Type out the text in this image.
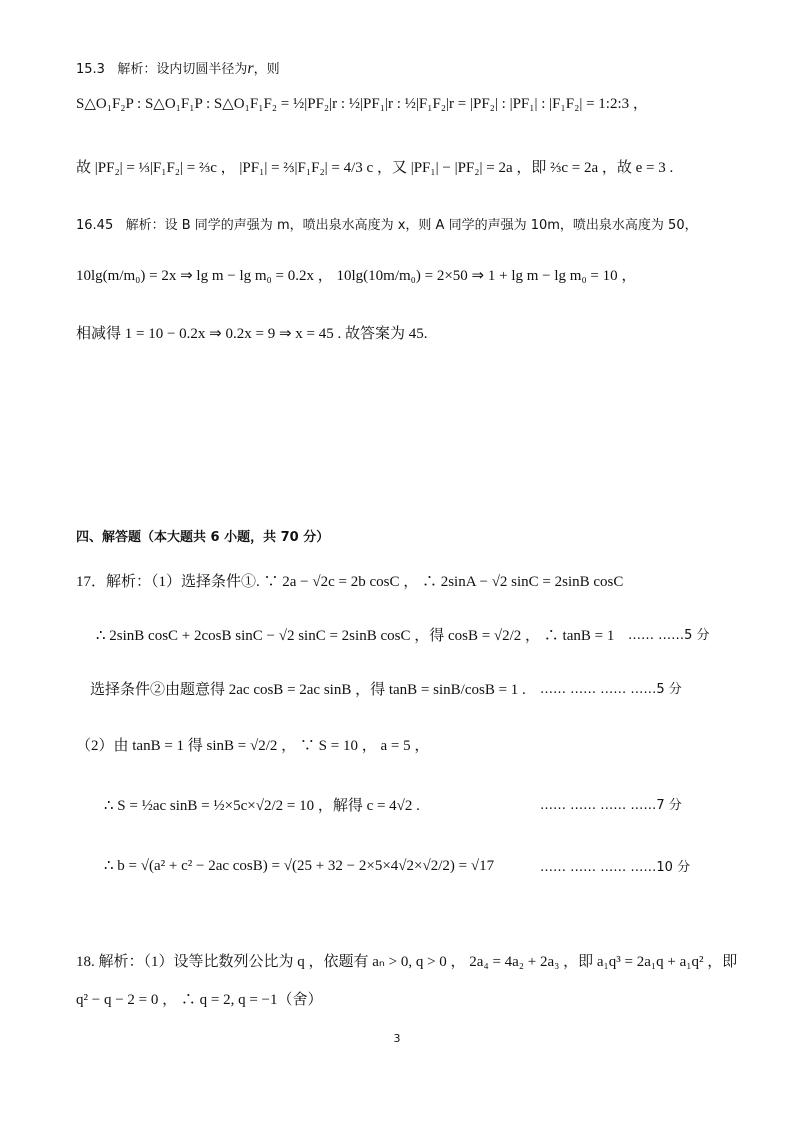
15.3 解析：设内切圆半径为r，则
S△O₁F₂P : S△O₁F₁P : S△O₁F₁F₂ = ½|PF₂|r : ½|PF₁|r : ½|F₁F₂|r = |PF₂| : |PF₁| : |F₁F₂| = 1:2:3 ，
故 |PF₂| = ⅓|F₁F₂| = ⅔c ， |PF₁| = ⅔|F₁F₂| = 4/3 c ，又 |PF₁| − |PF₂| = 2a ，即 ⅔c = 2a ，故 e = 3 .
16.45 解析：设 B 同学的声强为 m，喷出泉水高度为 x，则 A 同学的声强为 10m，喷出泉水高度为 50，
10lg(m/m₀) = 2x ⇒ lg m − lg m₀ = 0.2x ， 10lg(10m/m₀) = 2×50 ⇒ 1 + lg m − lg m₀ = 10 ，
相减得 1 = 10 − 0.2x ⇒ 0.2x = 9 ⇒ x = 45 . 故答案为 45.
四、解答题（本大题共 6 小题，共 70 分）
17．解析：（1）选择条件①. ∵ 2a − √2c = 2b cosC ， ∴ 2sinA − √2 sinC = 2sinB cosC
∴ 2sinB cosC + 2cosB sinC − √2 sinC = 2sinB cosC ，得 cosB = √2/2 ， ∴ tanB = 1 …… ……5 分
选择条件②由题意得 2ac cosB = 2ac sinB ，得 tanB = sinB/cosB = 1 . …… …… …… ……5 分
（2）由 tanB = 1 得 sinB = √2/2 ， ∵ S = 10 ， a = 5 ，
∴ S = ½ac sinB = ½×5c×√2/2 = 10 ，解得 c = 4√2 .	…… …… …… ……7 分
∴ b = √(a² + c² − 2ac cosB) = √(25 + 32 − 2×5×4√2×√2/2) = √17	…… …… …… ……10 分
18. 解析：（1）设等比数列公比为 q ，依题有 aₙ > 0, q > 0 ， 2a₄ = 4a₂ + 2a₃ ，即 a₁q³ = 2a₁q + a₁q² ，即
q² − q − 2 = 0 ， ∴ q = 2, q = −1（舍）
3
